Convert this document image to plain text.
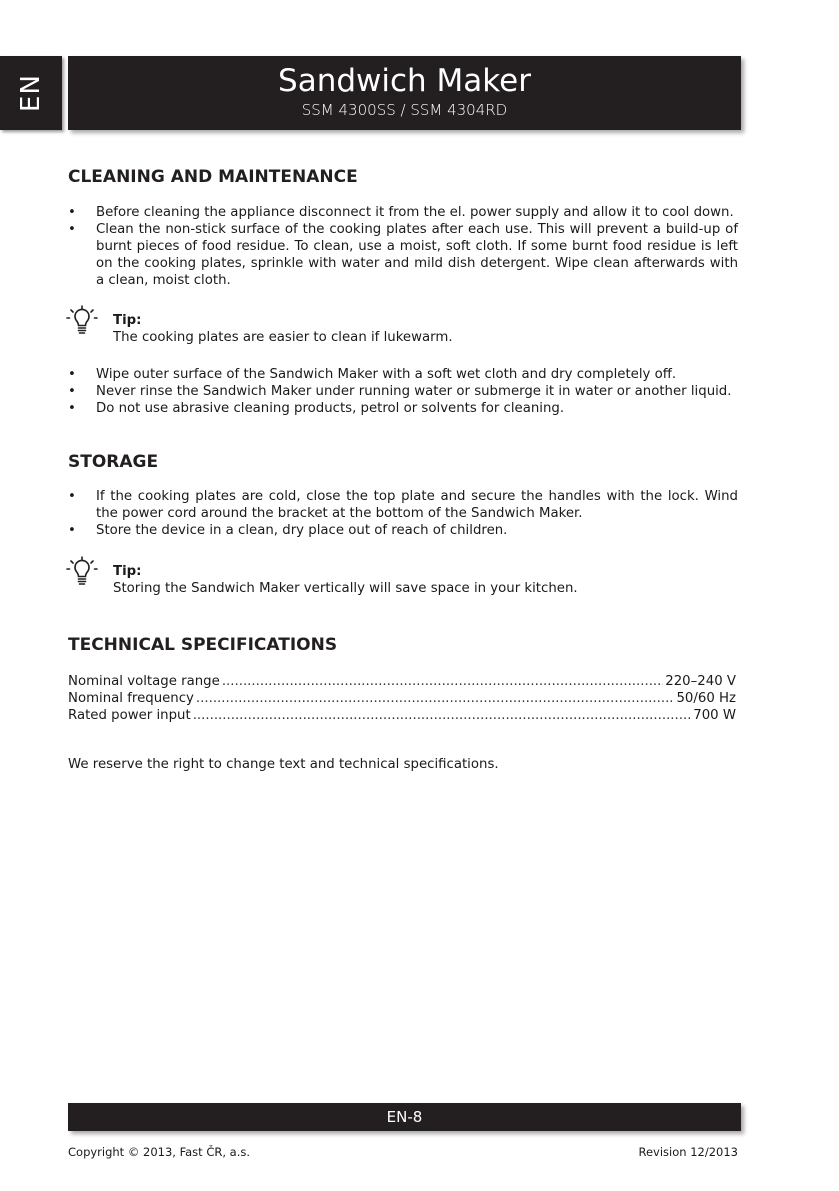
EN	Sandwich Maker
SSM 4300SS / SSM 4304RD
CLEANING AND MAINTENANCE
• Before cleaning the appliance disconnect it from the el. power supply and allow it to cool down.
• Clean the non-stick surface of the cooking plates after each use. This will prevent a build-up of burnt pieces of food residue. To clean, use a moist, soft cloth. If some burnt food residue is left on the cooking plates, sprinkle with water and mild dish detergent. Wipe clean afterwards with a clean, moist cloth.
Tip:
The cooking plates are easier to clean if lukewarm.
• Wipe outer surface of the Sandwich Maker with a soft wet cloth and dry completely off.
• Never rinse the Sandwich Maker under running water or submerge it in water or another liquid.
• Do not use abrasive cleaning products, petrol or solvents for cleaning.
STORAGE
• If the cooking plates are cold, close the top plate and secure the handles with the lock. Wind the power cord around the bracket at the bottom of the Sandwich Maker.
• Store the device in a clean, dry place out of reach of children.
Tip:
Storing the Sandwich Maker vertically will save space in your kitchen.
TECHNICAL SPECIFICATIONS
Nominal voltage range .....	220–240 V
Nominal frequency .....	50/60 Hz
Rated power input .....	700 W
We reserve the right to change text and technical specifications.
EN-8
Copyright © 2013, Fast ČR, a.s.	Revision 12/2013
